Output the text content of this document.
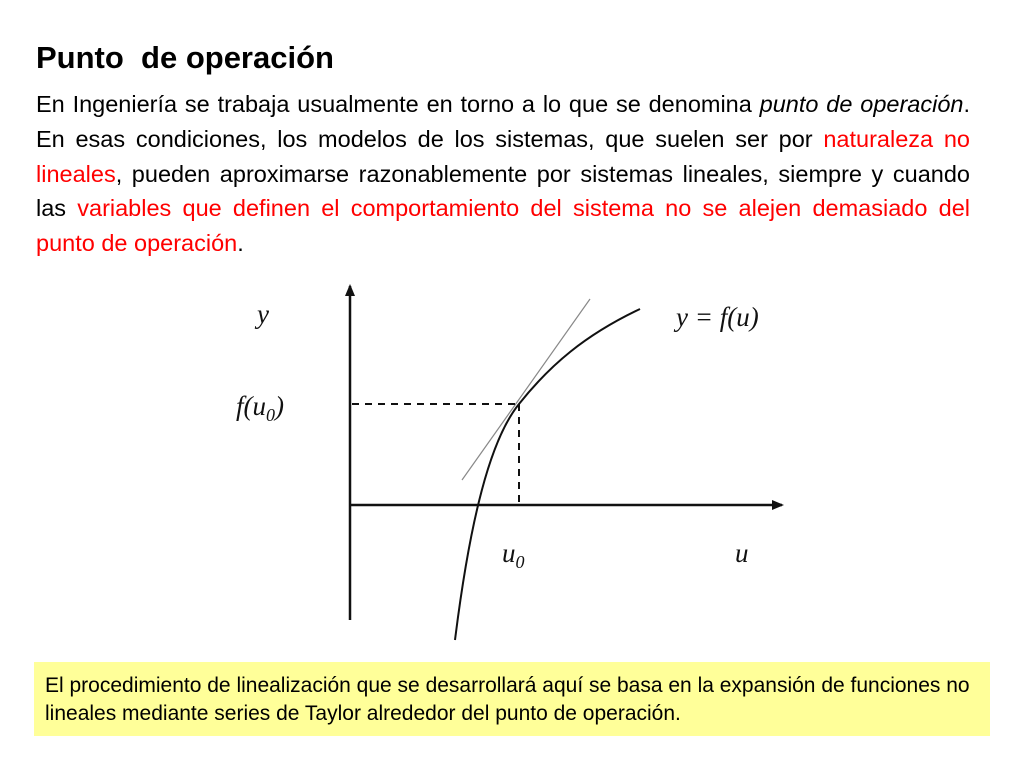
Punto  de operación

En Ingeniería se trabaja usualmente en torno a lo que se denomina punto de operación. En esas condiciones, los modelos de los sistemas, que suelen ser por naturaleza no lineales, pueden aproximarse razonablemente por sistemas lineales, siempre y cuando las variables que definen el comportamiento del sistema no se alejen demasiado del punto de operación.

y
u
y = f(u)
f(u0)
u0

El procedimiento de linealización que se desarrollará aquí se basa en la expansión de funciones no lineales mediante series de Taylor alrededor del punto de operación.
